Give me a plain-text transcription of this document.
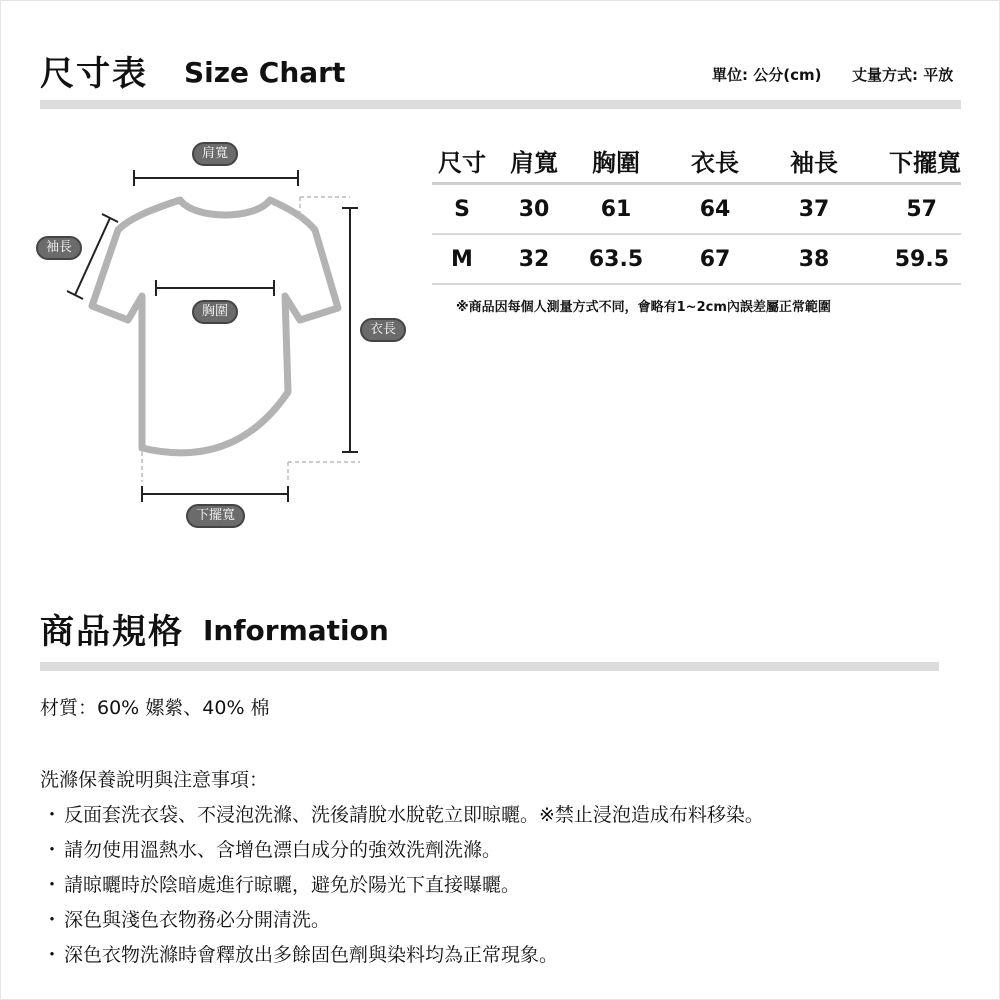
尺寸表 Size Chart	單位: 公分(cm) 丈量方式: 平放
肩寬
袖長
胸圍
衣長
下擺寬
尺寸	肩寬	胸圍	衣長	袖長	下擺寬
S	30	61	64	37	57
M	32	63.5	67	38	59.5
※商品因每個人測量方式不同，會略有1~2cm內誤差屬正常範圍
商品規格 Information
材質：60% 嫘縈、40% 棉
洗滌保養說明與注意事項：
・ 反面套洗衣袋、不浸泡洗滌、洗後請脫水脫乾立即晾曬。※禁止浸泡造成布料移染。
・ 請勿使用溫熱水、含增色漂白成分的強效洗劑洗滌。
・ 請晾曬時於陰暗處進行晾曬，避免於陽光下直接曝曬。
・ 深色與淺色衣物務必分開清洗。
・ 深色衣物洗滌時會釋放出多餘固色劑與染料均為正常現象。
